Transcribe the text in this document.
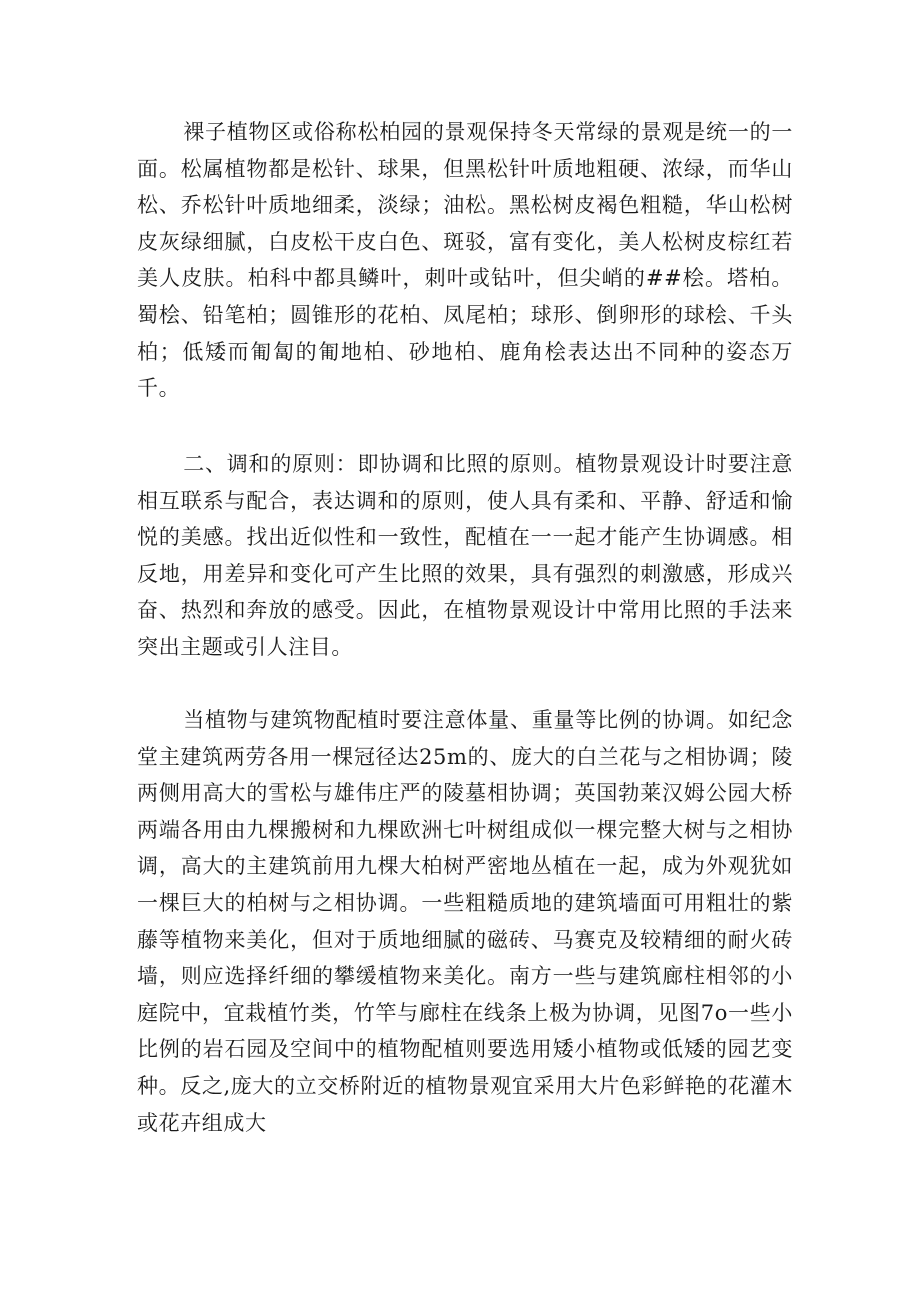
裸子植物区或俗称松柏园的景观保持冬天常绿的景观是统一的一面。松属植物都是松针、球果，但黑松针叶质地粗硬、浓绿，而华山松、乔松针叶质地细柔，淡绿；油松。黑松树皮褐色粗糙，华山松树皮灰绿细腻，白皮松干皮白色、斑驳，富有变化，美人松树皮棕红若美人皮肤。柏科中都具鳞叶，刺叶或钻叶，但尖峭的##桧。塔柏。蜀桧、铅笔柏；圆锥形的花柏、凤尾柏；球形、倒卵形的球桧、千头柏；低矮而匍匐的匍地柏、砂地柏、鹿角桧表达出不同种的姿态万千。

二、调和的原则：即协调和比照的原则。植物景观设计时要注意相互联系与配合，表达调和的原则，使人具有柔和、平静、舒适和愉悦的美感。找出近似性和一致性，配植在一一起才能产生协调感。相反地，用差异和变化可产生比照的效果，具有强烈的刺激感，形成兴奋、热烈和奔放的感受。因此，在植物景观设计中常用比照的手法来突出主题或引人注目。

当植物与建筑物配植时要注意体量、重量等比例的协调。如纪念堂主建筑两劳各用一棵冠径达25m的、庞大的白兰花与之相协调；陵两侧用高大的雪松与雄伟庄严的陵墓相协调；英国勃莱汉姆公园大桥两端各用由九棵搬树和九棵欧洲七叶树组成似一棵完整大树与之相协调，高大的主建筑前用九棵大柏树严密地丛植在一起，成为外观犹如一棵巨大的柏树与之相协调。一些粗糙质地的建筑墙面可用粗壮的紫藤等植物来美化，但对于质地细腻的磁砖、马赛克及较精细的耐火砖墙，则应选择纤细的攀缓植物来美化。南方一些与建筑廊柱相邻的小庭院中，宜栽植竹类，竹竿与廊柱在线条上极为协调，见图7o一些小比例的岩石园及空间中的植物配植则要选用矮小植物或低矮的园艺变种。反之,庞大的立交桥附近的植物景观宜采用大片色彩鲜艳的花灌木或花卉组成大
